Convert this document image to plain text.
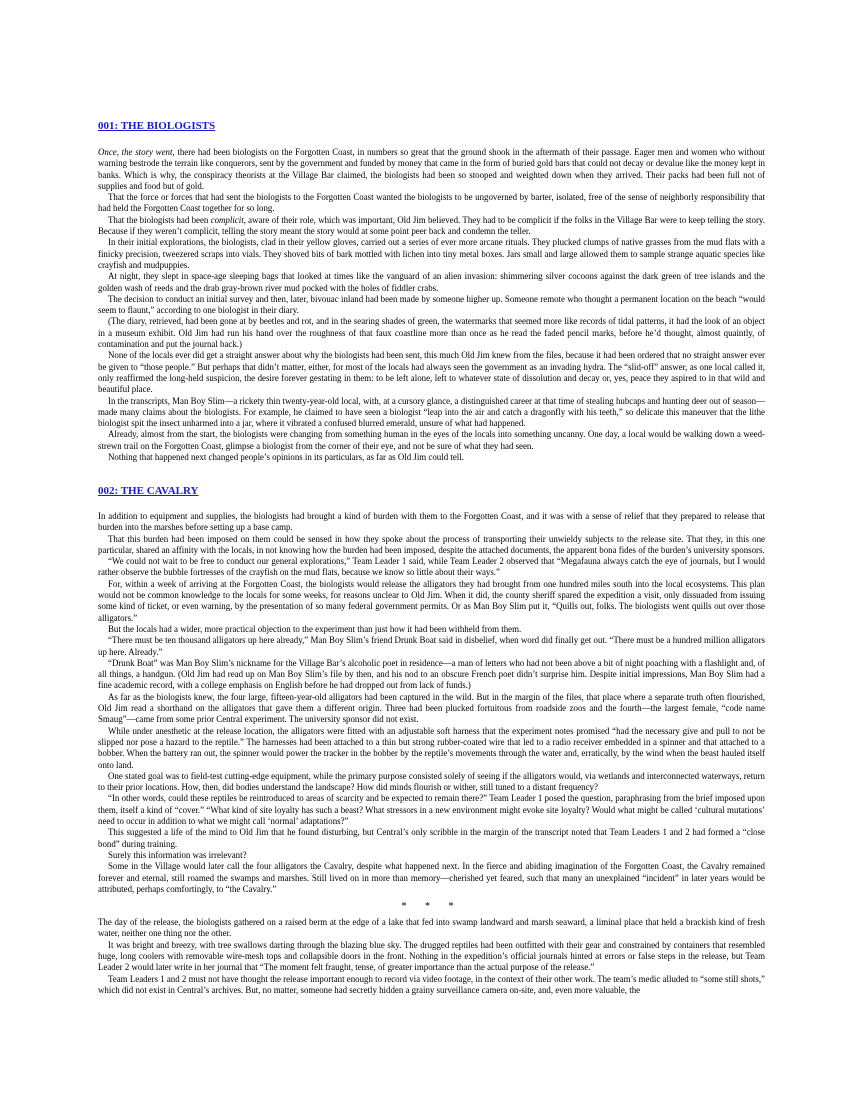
001: THE BIOLOGISTS

Once, the story went, there had been biologists on the Forgotten Coast, in numbers so great that the ground shook in the aftermath of their passage. Eager men and women who without warning bestrode the terrain like conquerors, sent by the government and funded by money that came in the form of buried gold bars that could not decay or devalue like the money kept in banks. Which is why, the conspiracy theorists at the Village Bar claimed, the biologists had been so stooped and weighted down when they arrived. Their packs had been full not of supplies and food but of gold.

That the force or forces that had sent the biologists to the Forgotten Coast wanted the biologists to be ungoverned by barter, isolated, free of the sense of neighborly responsibility that had held the Forgotten Coast together for so long.

That the biologists had been complicit, aware of their role, which was important, Old Jim believed. They had to be complicit if the folks in the Village Bar were to keep telling the story. Because if they weren’t complicit, telling the story meant the story would at some point peer back and condemn the teller.

In their initial explorations, the biologists, clad in their yellow gloves, carried out a series of ever more arcane rituals. They plucked clumps of native grasses from the mud flats with a finicky precision, tweezered scraps into vials. They shoved bits of bark mottled with lichen into tiny metal boxes. Jars small and large allowed them to sample strange aquatic species like crayfish and mudpuppies.

At night, they slept in space-age sleeping bags that looked at times like the vanguard of an alien invasion: shimmering silver cocoons against the dark green of tree islands and the golden wash of reeds and the drab gray-brown river mud pocked with the holes of fiddler crabs.

The decision to conduct an initial survey and then, later, bivouac inland had been made by someone higher up. Someone remote who thought a permanent location on the beach “would seem to flaunt,” according to one biologist in their diary.

(The diary, retrieved, had been gone at by beetles and rot, and in the searing shades of green, the watermarks that seemed more like records of tidal patterns, it had the look of an object in a museum exhibit. Old Jim had run his hand over the roughness of that faux coastline more than once as he read the faded pencil marks, before he’d thought, almost quaintly, of contamination and put the journal back.)

None of the locals ever did get a straight answer about why the biologists had been sent, this much Old Jim knew from the files, because it had been ordered that no straight answer ever be given to “those people.” But perhaps that didn’t matter, either, for most of the locals had always seen the government as an invading hydra. The “slid-off” answer, as one local called it, only reaffirmed the long-held suspicion, the desire forever gestating in them: to be left alone, left to whatever state of dissolution and decay or, yes, peace they aspired to in that wild and beautiful place.

In the transcripts, Man Boy Slim—a rickety thin twenty-year-old local, with, at a cursory glance, a distinguished career at that time of stealing hubcaps and hunting deer out of season—made many claims about the biologists. For example, he claimed to have seen a biologist “leap into the air and catch a dragonfly with his teeth,” so delicate this maneuver that the lithe biologist spit the insect unharmed into a jar, where it vibrated a confused blurred emerald, unsure of what had happened.

Already, almost from the start, the biologists were changing from something human in the eyes of the locals into something uncanny. One day, a local would be walking down a weed-strewn trail on the Forgotten Coast, glimpse a biologist from the corner of their eye, and not be sure of what they had seen.

Nothing that happened next changed people’s opinions in its particulars, as far as Old Jim could tell.

002: THE CAVALRY

In addition to equipment and supplies, the biologists had brought a kind of burden with them to the Forgotten Coast, and it was with a sense of relief that they prepared to release that burden into the marshes before setting up a base camp.

That this burden had been imposed on them could be sensed in how they spoke about the process of transporting their unwieldy subjects to the release site. That they, in this one particular, shared an affinity with the locals, in not knowing how the burden had been imposed, despite the attached documents, the apparent bona fides of the burden’s university sponsors.

“We could not wait to be free to conduct our general explorations,” Team Leader 1 said, while Team Leader 2 observed that “Megafauna always catch the eye of journals, but I would rather observe the bubble fortresses of the crayfish on the mud flats, because we know so little about their ways.”

For, within a week of arriving at the Forgotten Coast, the biologists would release the alligators they had brought from one hundred miles south into the local ecosystems. This plan would not be common knowledge to the locals for some weeks, for reasons unclear to Old Jim. When it did, the county sheriff spared the expedition a visit, only dissuaded from issuing some kind of ticket, or even warning, by the presentation of so many federal government permits. Or as Man Boy Slim put it, “Quills out, folks. The biologists went quills out over those alligators.”

But the locals had a wider, more practical objection to the experiment than just how it had been withheld from them.

“There must be ten thousand alligators up here already,” Man Boy Slim’s friend Drunk Boat said in disbelief, when word did finally get out. “There must be a hundred million alligators up here. Already.”

“Drunk Boat” was Man Boy Slim’s nickname for the Village Bar’s alcoholic poet in residence—a man of letters who had not been above a bit of night poaching with a flashlight and, of all things, a handgun. (Old Jim had read up on Man Boy Slim’s file by then, and his nod to an obscure French poet didn’t surprise him. Despite initial impressions, Man Boy Slim had a fine academic record, with a college emphasis on English before he had dropped out from lack of funds.)

As far as the biologists knew, the four large, fifteen-year-old alligators had been captured in the wild. But in the margin of the files, that place where a separate truth often flourished, Old Jim read a shorthand on the alligators that gave them a different origin. Three had been plucked fortuitous from roadside zoos and the fourth—the largest female, “code name Smaug”—came from some prior Central experiment. The university sponsor did not exist.

While under anesthetic at the release location, the alligators were fitted with an adjustable soft harness that the experiment notes promised “had the necessary give and pull to not be slipped nor pose a hazard to the reptile.” The harnesses had been attached to a thin but strong rubber-coated wire that led to a radio receiver embedded in a spinner and that attached to a bobber. When the battery ran out, the spinner would power the tracker in the bobber by the reptile’s movements through the water and, erratically, by the wind when the beast hauled itself onto land.

One stated goal was to field-test cutting-edge equipment, while the primary purpose consisted solely of seeing if the alligators would, via wetlands and interconnected waterways, return to their prior locations. How, then, did bodies understand the landscape? How did minds flourish or wither, still tuned to a distant frequency?

“In other words, could these reptiles be reintroduced to areas of scarcity and be expected to remain there?” Team Leader 1 posed the question, paraphrasing from the brief imposed upon them, itself a kind of “cover.” “What kind of site loyalty has such a beast? What stressors in a new environment might evoke site loyalty? Would what might be called ‘cultural mutations’ need to occur in addition to what we might call ‘normal’ adaptations?”

This suggested a life of the mind to Old Jim that he found disturbing, but Central’s only scribble in the margin of the transcript noted that Team Leaders 1 and 2 had formed a “close bond” during training.

Surely this information was irrelevant?

Some in the Village would later call the four alligators the Cavalry, despite what happened next. In the fierce and abiding imagination of the Forgotten Coast, the Cavalry remained forever and eternal, still roamed the swamps and marshes. Still lived on in more than memory—cherished yet feared, such that many an unexplained “incident” in later years would be attributed, perhaps comfortingly, to “the Cavalry.”

* * *

The day of the release, the biologists gathered on a raised berm at the edge of a lake that fed into swamp landward and marsh seaward, a liminal place that held a brackish kind of fresh water, neither one thing nor the other.

It was bright and breezy, with tree swallows darting through the blazing blue sky. The drugged reptiles had been outfitted with their gear and constrained by containers that resembled huge, long coolers with removable wire-mesh tops and collapsible doors in the front. Nothing in the expedition’s official journals hinted at errors or false steps in the release, but Team Leader 2 would later write in her journal that “The moment felt fraught, tense, of greater importance than the actual purpose of the release.”

Team Leaders 1 and 2 must not have thought the release important enough to record via video footage, in the context of their other work. The team’s medic alluded to “some still shots,” which did not exist in Central’s archives. But, no matter, someone had secretly hidden a grainy surveillance camera on-site, and, even more valuable, the
